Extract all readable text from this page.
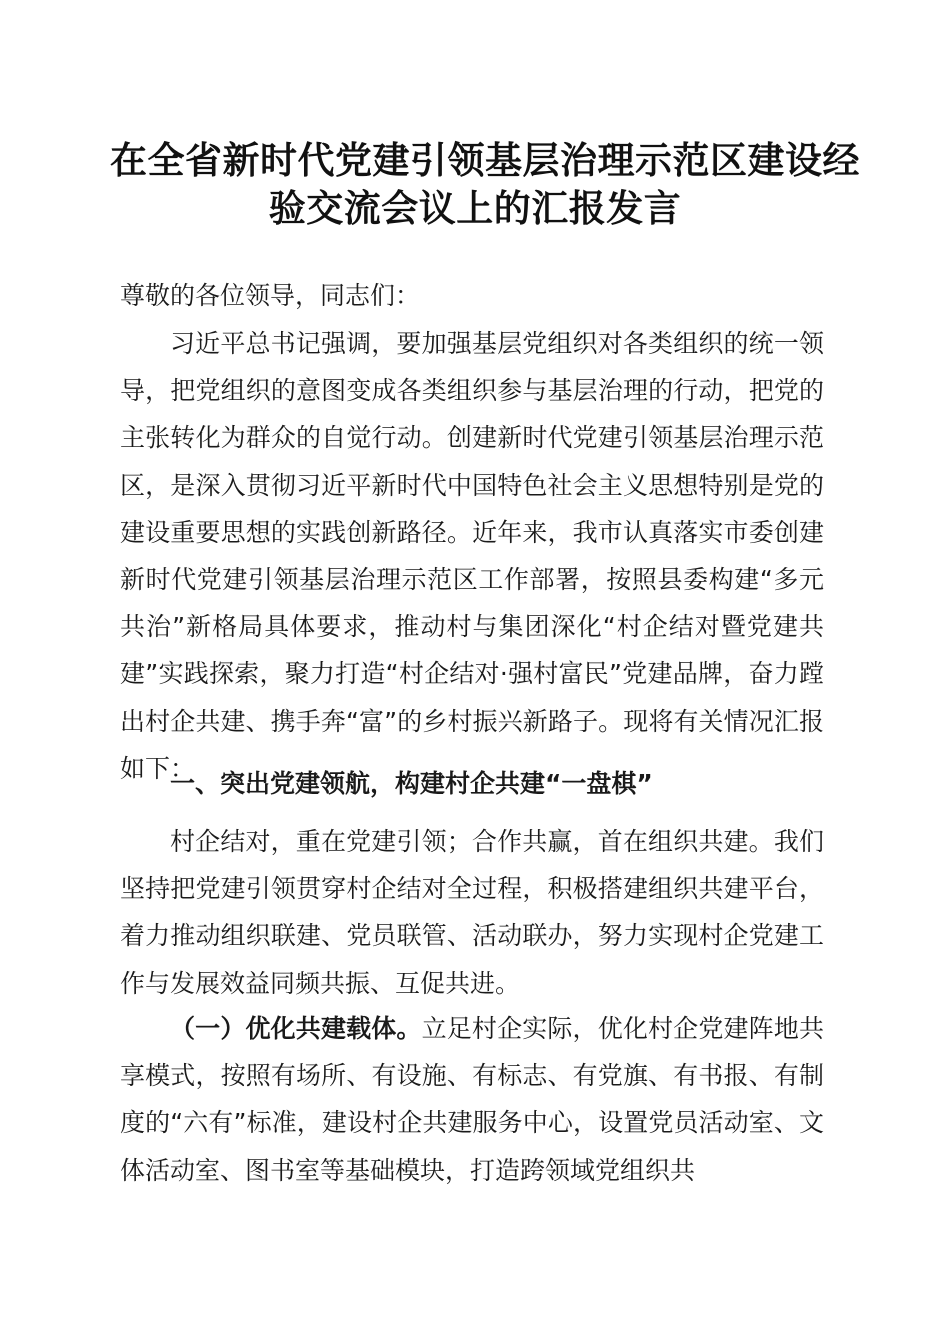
在全省新时代党建引领基层治理示范区建设经
验交流会议上的汇报发言

尊敬的各位领导，同志们：

习近平总书记强调，要加强基层党组织对各类组织的统一领导，把党组织的意图变成各类组织参与基层治理的行动，把党的主张转化为群众的自觉行动。创建新时代党建引领基层治理示范区，是深入贯彻习近平新时代中国特色社会主义思想特别是党的建设重要思想的实践创新路径。近年来，我市认真落实市委创建新时代党建引领基层治理示范区工作部署，按照县委构建“多元共治”新格局具体要求，推动村与集团深化“村企结对暨党建共建”实践探索，聚力打造“村企结对·强村富民”党建品牌，奋力蹚出村企共建、携手奔“富”的乡村振兴新路子。现将有关情况汇报如下：

一、突出党建领航，构建村企共建“一盘棋”

村企结对，重在党建引领；合作共赢，首在组织共建。我们坚持把党建引领贯穿村企结对全过程，积极搭建组织共建平台，着力推动组织联建、党员联管、活动联办，努力实现村企党建工作与发展效益同频共振、互促共进。

（一）优化共建载体。立足村企实际，优化村企党建阵地共享模式，按照有场所、有设施、有标志、有党旗、有书报、有制度的“六有”标准，建设村企共建服务中心，设置党员活动室、文体活动室、图书室等基础模块，打造跨领域党组织共
